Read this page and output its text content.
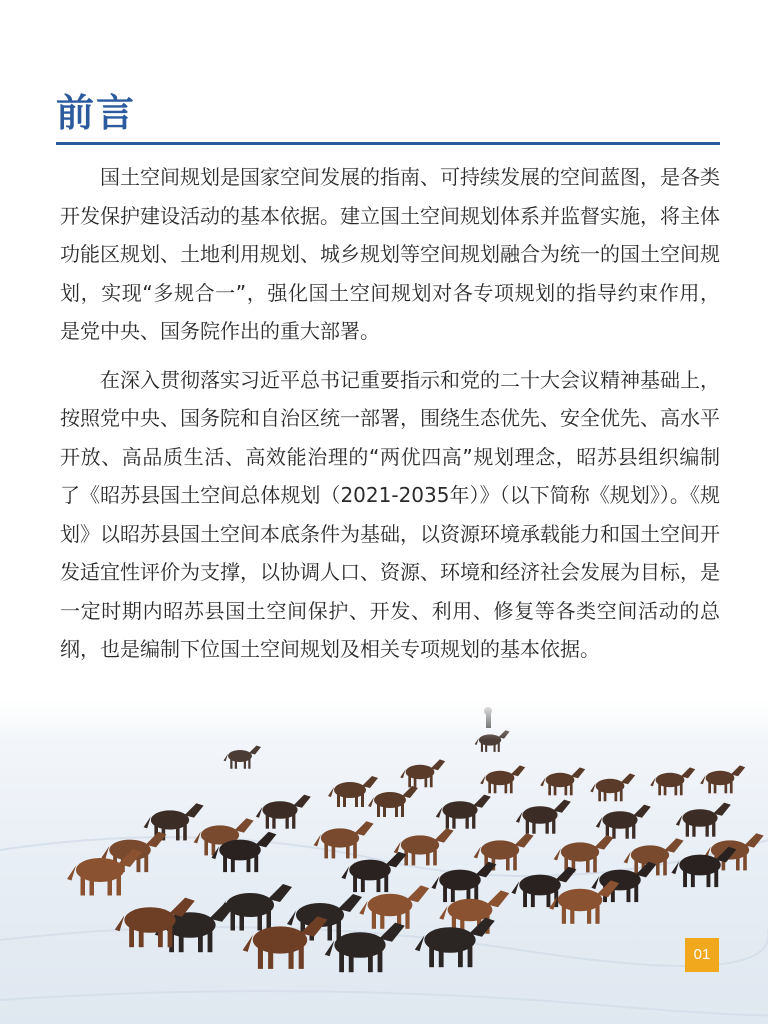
前言

国土空间规划是国家空间发展的指南、可持续发展的空间蓝图，是各类开发保护建设活动的基本依据。建立国土空间规划体系并监督实施，将主体功能区规划、土地利用规划、城乡规划等空间规划融合为统一的国土空间规划，实现“多规合一”，强化国土空间规划对各专项规划的指导约束作用，是党中央、国务院作出的重大部署。

在深入贯彻落实习近平总书记重要指示和党的二十大会议精神基础上，按照党中央、国务院和自治区统一部署，围绕生态优先、安全优先、高水平开放、高品质生活、高效能治理的“两优四高”规划理念，昭苏县组织编制了《昭苏县国土空间总体规划（2021-2035年）》（以下简称《规划》）。《规划》以昭苏县国土空间本底条件为基础，以资源环境承载能力和国土空间开发适宜性评价为支撑，以协调人口、资源、环境和经济社会发展为目标，是一定时期内昭苏县国土空间保护、开发、利用、修复等各类空间活动的总纲，也是编制下位国土空间规划及相关专项规划的基本依据。

01
